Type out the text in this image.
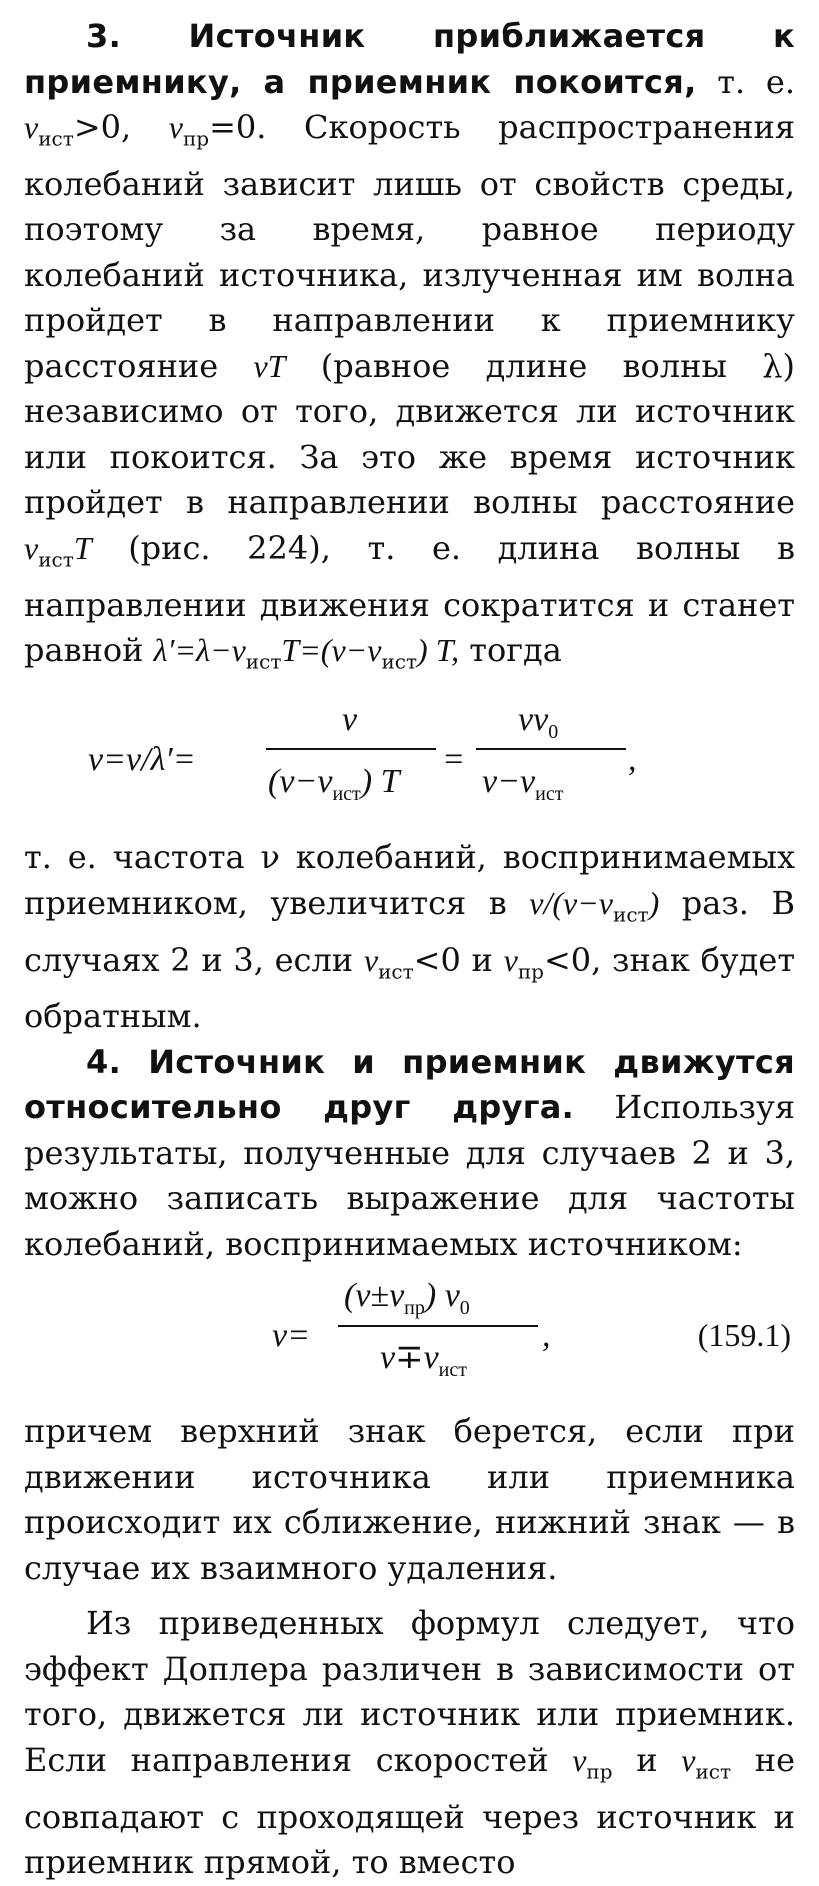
3. Источник приближается к приемнику, а приемник покоится, т. е. $v_{ист}>0$, $v_{пр}=0$. Скорость распространения колебаний зависит лишь от свойств среды, поэтому за время, равное периоду колебаний источника, излученная им волна пройдет в направлении к приемнику расстояние vT (равное длине волны λ) независимо от того, движется ли источник или покоится. За это же время источник пройдет в направлении волны расстояние $v_{ист}T$ (рис. 224), т. е. длина волны в направлении движения сократится и станет равной $\lambda'=\lambda-v_{ист}T=(v-v_{ист})$ T, тогда

ν=v/λ′=
v
$(v-v_{ист})$ T
=
$v\nu_0$
$v-v_{ист}$
,

т. е. частота ν колебаний, воспринимаемых приемником, увеличится в $v/(v-v_{ист})$ раз. В случаях 2 и 3, если $v_{ист}<0$ и $v_{пр}<0$, знак будет обратным.

4. Источник и приемник движутся относительно друг друга. Используя результаты, полученные для случаев 2 и 3, можно записать выражение для частоты колебаний, воспринимаемых источником:

ν=
$(v\pm v_{пр})$ $\nu_0$
$v\mp v_{ист}$
,	(159.1)

причем верхний знак берется, если при движении источника или приемника происходит их сближение, нижний знак — в случае их взаимного удаления.

Из приведенных формул следует, что эффект Доплера различен в зависимости от того, движется ли источник или приемник. Если направления скоростей $v_{пр}$ и $v_{ист}$ не совпадают с проходящей через источник и приемник прямой, то вместо
